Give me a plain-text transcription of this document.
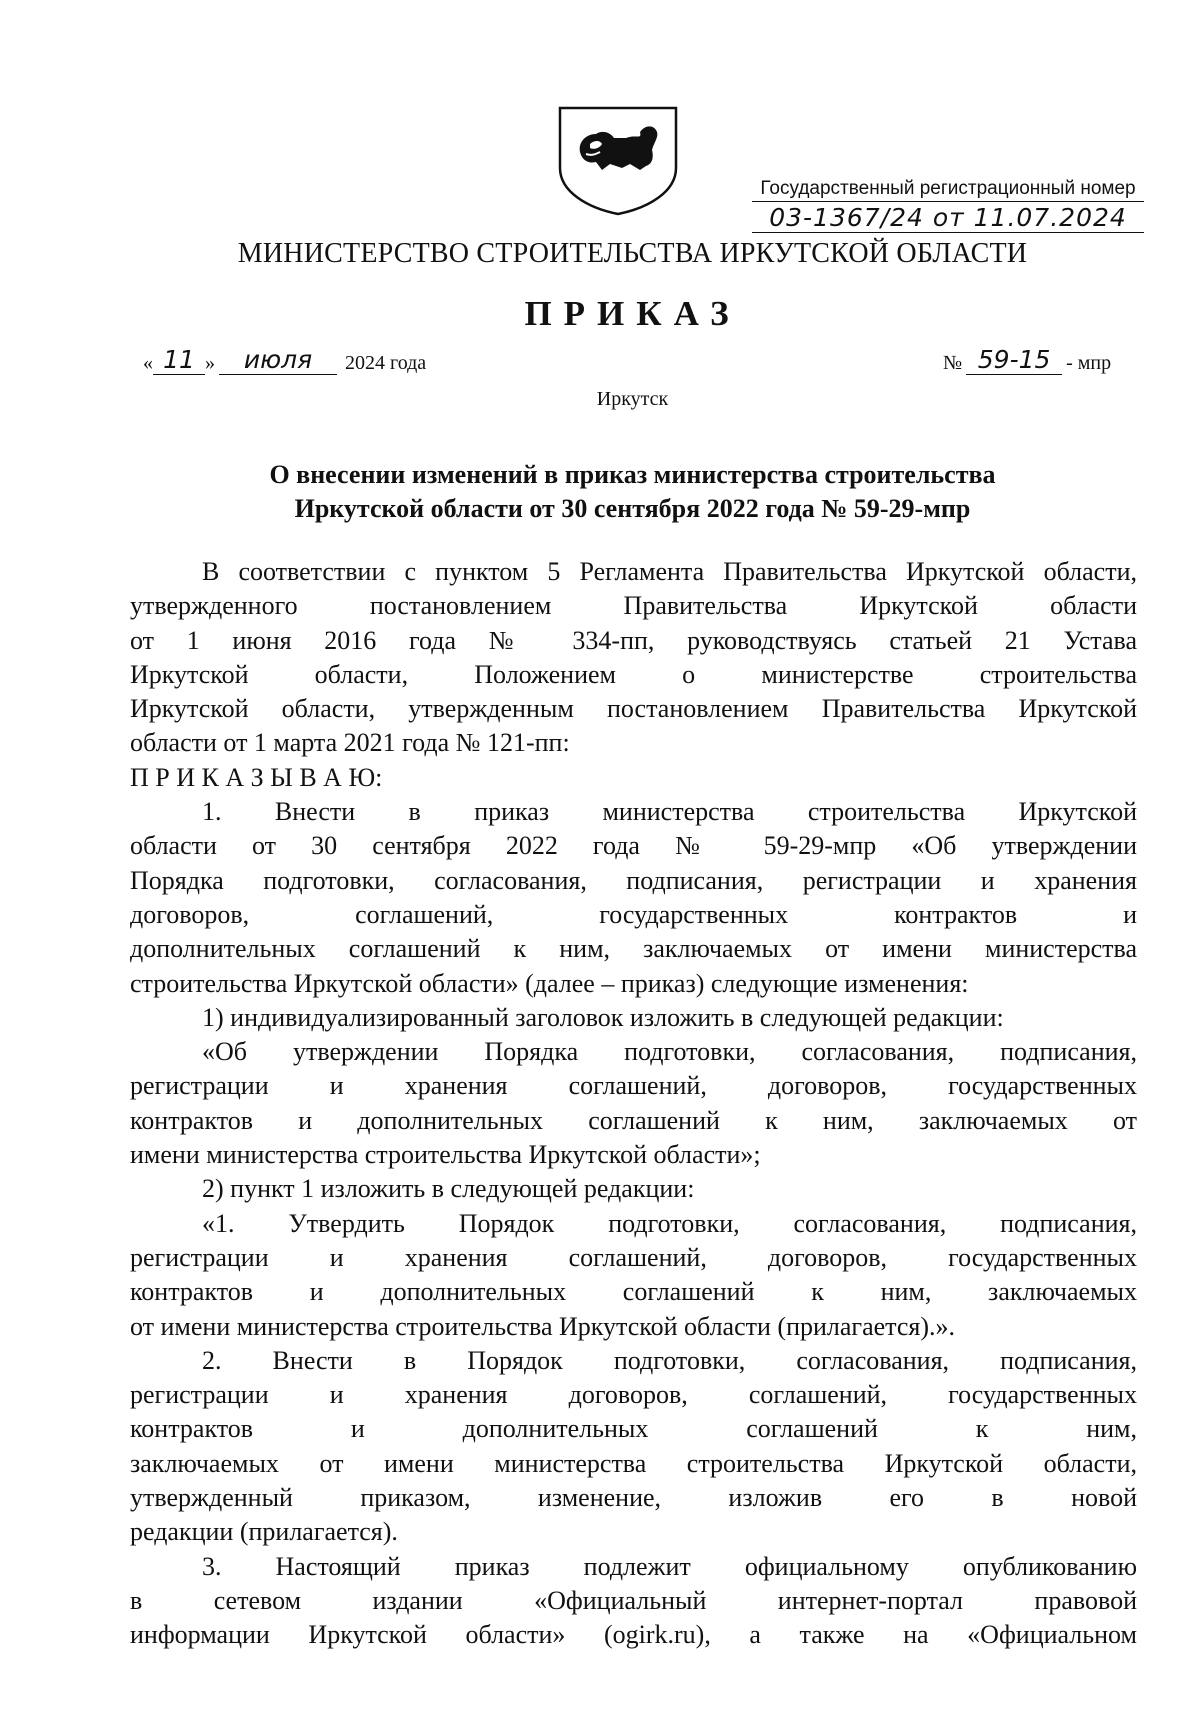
Государственный регистрационный номер
03-1367/24 от 11.07.2024
МИНИСТЕРСТВО СТРОИТЕЛЬСТВА ИРКУТСКОЙ ОБЛАСТИ
ПРИКАЗ
« 11 »	июля	2024 года	№ 59-15 - мпр
Иркутск
О внесении изменений в приказ министерства строительства
Иркутской области от 30 сентября 2022 года № 59-29-мпр

В соответствии с пунктом 5 Регламента Правительства Иркутской области,

утвержденного постановлением Правительства Иркутской области

от 1 июня 2016 года № 334-пп, руководствуясь статьей 21 Устава

Иркутской области, Положением о министерстве строительства

Иркутской области, утвержденным постановлением Правительства Иркутской

области от 1 марта 2021 года № 121-пп:

П Р И К А З Ы В А Ю:

1. Внести в приказ министерства строительства Иркутской

области от 30 сентября 2022 года № 59-29-мпр «Об утверждении

Порядка подготовки, согласования, подписания, регистрации и хранения

договоров, соглашений, государственных контрактов и

дополнительных соглашений к ним, заключаемых от имени министерства

строительства Иркутской области» (далее – приказ) следующие изменения:

1) индивидуализированный заголовок изложить в следующей редакции:

«Об утверждении Порядка подготовки, согласования, подписания,

регистрации и хранения соглашений, договоров, государственных

контрактов и дополнительных соглашений к ним, заключаемых от

имени министерства строительства Иркутской области»;

2) пункт 1 изложить в следующей редакции:

«1. Утвердить Порядок подготовки, согласования, подписания,

регистрации и хранения соглашений, договоров, государственных

контрактов и дополнительных соглашений к ним, заключаемых

от имени министерства строительства Иркутской области (прилагается).».

2. Внести в Порядок подготовки, согласования, подписания,

регистрации и хранения договоров, соглашений, государственных

контрактов и дополнительных соглашений к ним,

заключаемых от имени министерства строительства Иркутской области,

утвержденный приказом, изменение, изложив его в новой

редакции (прилагается).

3. Настоящий приказ подлежит официальному опубликованию

в сетевом издании «Официальный интернет-портал правовой

информации Иркутской области» (ogirk.ru), а также на «Официальном
